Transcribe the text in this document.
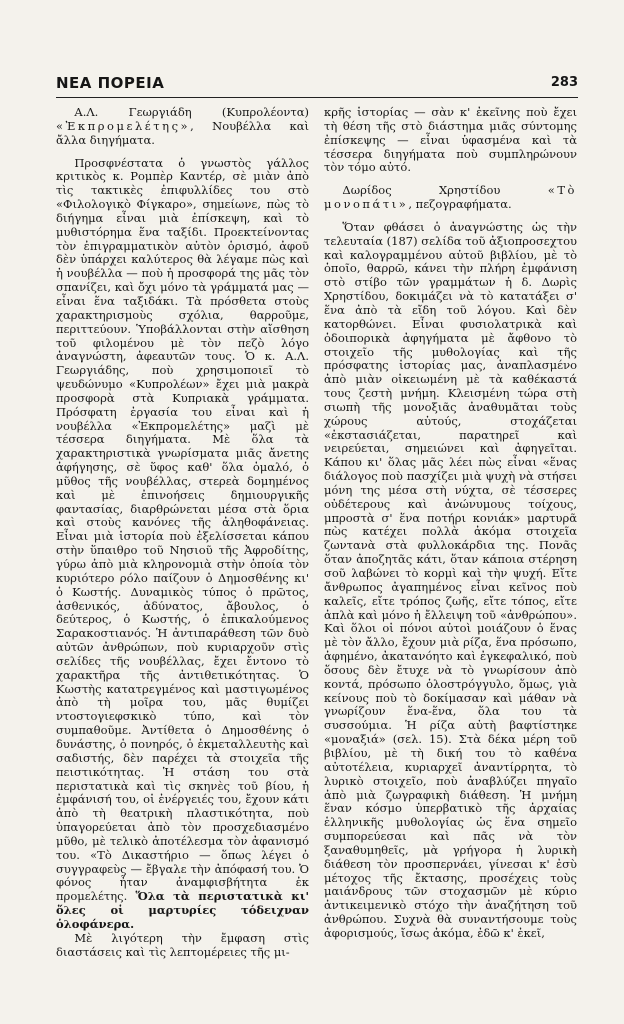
ΝΕΑ ΠΟΡΕΙΑ	283

Α.Λ. Γεωργιάδη (Κυπρολέοντα) «Ἐκπρομελέτης», Νουβέλλα καὶ ἄλλα διηγήματα.

Προσφνέστατα ὁ γνωστὸς γάλλος κριτικὸς κ. Ρομπὲρ Καντέρ, σὲ μιὰν ἀπὸ τὶς τακτικὲς ἐπιφυλλίδες του στὸ «Φιλολογικὸ Φίγκαρο», σημείωνε, πὼς τὸ διήγημα εἶναι μιὰ ἐπίσκεψη, καὶ τὸ μυθιστόρημα ἕνα ταξίδι. Προεκτείνοντας τὸν ἐπιγραμματικὸν αὐτὸν ὁρισμό, ἀφοῦ δὲν ὑπάρχει καλύτερος θὰ λέγαμε πὼς καὶ ἡ νουβέλλα — ποὺ ἡ προσφορά της μᾶς τὸν σπανίζει, καὶ ὄχι μόνο τὰ γράμματά μας — εἶναι ἕνα ταξιδάκι. Τὰ πρόσθετα στοὺς χαρακτηρισμοὺς σχόλια, θαρροῦμε, περιττεύουν. Ὑποβάλλονται στὴν αἴσθηση τοῦ φιλομένου μὲ τὸν πεζὸ λόγο ἀναγνώστη, ἀφεαυτῶν τους. Ὁ κ. Α.Λ. Γεωργιάδης, ποὺ χρησιμοποιεῖ τὸ ψευδώνυμο «Κυπρολέων» ἔχει μιὰ μακρὰ προσφορὰ στὰ Κυπριακὰ γράμματα. Πρόσφατη ἐργασία του εἶναι καὶ ἡ νουβέλλα «Ἐκπρομελέτης» μαζὶ μὲ τέσσερα διηγήματα. Μὲ ὅλα τὰ χαρακτηριστικὰ γνωρίσματα μιᾶς ἄνετης ἀφήγησης, σὲ ὕφος καθ' ὅλα ὁμαλό, ὁ μῦθος τῆς νουβέλλας, στερεὰ δομημένος καὶ μὲ ἐπινοήσεις δημιουργικῆς φαντασίας, διαρθρώνεται μέσα στὰ ὅρια καὶ στοὺς κανόνες τῆς ἀληθοφάνειας. Εἶναι μιὰ ἱστορία ποὺ ἐξελίσσεται κάπου στὴν ὕπαιθρο τοῦ Νησιοῦ τῆς Ἀφροδίτης, γύρω ἀπὸ μιὰ κληρονομιὰ στὴν ὁποία τὸν κυριότερο ρόλο παίζουν ὁ Δημοσθένης κι' ὁ Κωστής. Δυναμικὸς τύπος ὁ πρῶτος, ἀσθενικός, ἀδύνατος, ἄβουλος, ὁ δεύτερος, ὁ Κωστής, ὁ ἐπικαλούμενος Σαρακοστιανός. Ἡ ἀντιπαράθεση τῶν δυὸ αὐτῶν ἀνθρώπων, ποὺ κυριαρχοῦν στὶς σελίδες τῆς νουβέλλας, ἔχει ἔντονο τὸ χαρακτῆρα τῆς ἀντιθετικότητας. Ὁ Κωστὴς κατατρεγμένος καὶ μαστιγωμένος ἀπὸ τὴ μοῖρα του, μᾶς θυμίζει ντοστογιεφσκικὸ τύπο, καὶ τὸν συμπαθοῦμε. Ἀντίθετα ὁ Δημοσθένης ὁ δυνάστης, ὁ πονηρός, ὁ ἐκμεταλλευτὴς καὶ σαδιστής, δὲν παρέχει τὰ στοιχεῖα τῆς πειστικότητας. Ἡ στάση του στὰ περιστατικὰ καὶ τὶς σκηνὲς τοῦ βίου, ἡ ἐμφάνισή του, οἱ ἐνέργειές του, ἔχουν κάτι ἀπὸ τὴ θεατρικὴ πλαστικότητα, ποὺ ὑπαγορεύεται ἀπὸ τὸν προσχεδιασμένο μῦθο, μὲ τελικὸ ἀποτέλεσμα τὸν ἀφανισμό του. «Τὸ Δικαστήριο — ὅπως λέγει ὁ συγγραφεὺς — ἔβγαλε τὴν ἀπόφασή του. Ὁ φόνος ἦταν ἀναμφισβήτητα ἐκ προμελέτης. Ὅλα τὰ περιστατικὰ κι' ὅλες οἱ μαρτυρίες τόδειχναν ὁλοφάνερα.

Μὲ λιγότερη τὴν ἔμφαση στὶς διαστάσεις καὶ τὶς λεπτομέρειες τῆς μι-

κρῆς ἱστορίας — σὰν κ' ἐκεῖνης ποὺ ἔχει τὴ θέση τῆς στὸ διάστημα μιᾶς σύντομης ἐπίσκεψης — εἶναι ὑφασμένα καὶ τὰ τέσσερα διηγήματα ποὺ συμπληρώνουν τὸν τόμο αὐτό.

Δωρίδος Χρηστίδου «Τὸ μονοπάτι», πεζογραφήματα.

Ὅταν φθάσει ὁ ἀναγνώστης ὡς τὴν τελευταία (187) σελίδα τοῦ ἀξιοπροσεχτου καὶ καλογραμμένου αὐτοῦ βιβλίου, μὲ τὸ ὁποῖο, θαρρῶ, κάνει τὴν πλήρη ἐμφάνιση στὸ στίβο τῶν γραμμάτων ἡ δ. Δωρὶς Χρηστίδου, δοκιμάζει νὰ τὸ κατατάξει σ' ἕνα ἀπὸ τὰ εἴδη τοῦ λόγου. Καὶ δὲν κατορθώνει. Εἶναι φυσιολατρικὰ καὶ ὁδοιπορικὰ ἀφηγήματα μὲ ἄφθονο τὸ στοιχεῖο τῆς μυθολογίας καὶ τῆς πρόσφατης ἱστορίας μας, ἀναπλασμένο ἀπὸ μιὰν οἰκειωμένη μὲ τὰ καθέκαστά τους ζεστὴ μνήμη. Κλεισμένη τώρα στὴ σιωπὴ τῆς μονοξιᾶς ἀναθυμᾶται τοὺς χώρους αὐτούς, στοχάζεται «ἐκστασιάζεται, παρατηρεῖ καὶ νειρεύεται, σημειώνει καὶ ἀφηγεῖται. Κάπου κι' ὅλας μᾶς λέει πὼς εἶναι «ἕνας διάλογος ποὺ πασχίζει μιὰ ψυχὴ νὰ στήσει μόνη της μέσα στὴ νύχτα, σὲ τέσσερες οὐδέτερους καὶ ἀνώνυμους τοίχους, μπροστὰ σ' ἕνα ποτήρι κονιάκ» μαρτυρᾶ πὼς κατέχει πολλὰ ἀκόμα στοιχεῖα ζωντανὰ στὰ φυλλοκάρδια της. Πονᾶς ὅταν ἀποζητᾶς κάτι, ὅταν κάποια στέρηση σοῦ λαβώνει τὸ κορμὶ καὶ τὴν ψυχή. Εἴτε ἄνθρωπος ἀγαπημένος εἶναι κεῖνος ποὺ καλεῖς, εἴτε τρόπος ζωῆς, εἴτε τόπος, εἴτε ἀπλὰ καὶ μόνο ἡ ἔλλειψη τοῦ «ἀνθρώπου». Καὶ ὅλοι οἱ πόνοι αὐτοὶ μοιάζουν ὁ ἕνας μὲ τὸν ἄλλο, ἔχουν μιὰ ρίζα, ἕνα πρόσωπο, ἀφημένο, ἀκατανόητο καὶ ἐγκεφαλικό, ποὺ ὅσους δὲν ἔτυχε νὰ τὸ γνωρίσουν ἀπὸ κοντά, πρόσωπο ὁλοστρόγγυλο, ὅμως, γιὰ κείνους ποὺ τὸ δοκίμασαν καὶ μάθαν νὰ γνωρίζουν ἕνα-ἕνα, ὅλα του τὰ συσσούμια. Ἡ ρίζα αὐτὴ βαφτίστηκε «μοναξιά» (σελ. 15). Στὰ δέκα μέρη τοῦ βιβλίου, μὲ τὴ δική του τὸ καθένα αὐτοτέλεια, κυριαρχεῖ ἀναντίρρητα, τὸ λυρικὸ στοιχεῖο, ποὺ ἀναβλύζει πηγαῖο ἀπὸ μιὰ ζωγραφικὴ διάθεση. Ἡ μνήμη ἕναν κόσμο ὑπερβατικὸ τῆς ἀρχαίας ἑλληνικῆς μυθολογίας ὡς ἕνα σημεῖο συμπορεύεσαι καὶ πᾶς νὰ τὸν ξαναθυμηθεῖς, μὰ γρήγορα ἡ λυρικὴ διάθεση τὸν προσπερνάει, γίνεσαι κ' ἐσὺ μέτοχος τῆς ἔκτασης, προσέχεις τοὺς μαιάνδρους τῶν στοχασμῶν μὲ κύριο ἀντικειμενικὸ στόχο τὴν ἀναζήτηση τοῦ ἀνθρώπου. Συχνὰ θὰ συναντήσουμε τοὺς ἀφορισμούς, ἴσως ἀκόμα, ἐδῶ κ' ἐκεῖ,
